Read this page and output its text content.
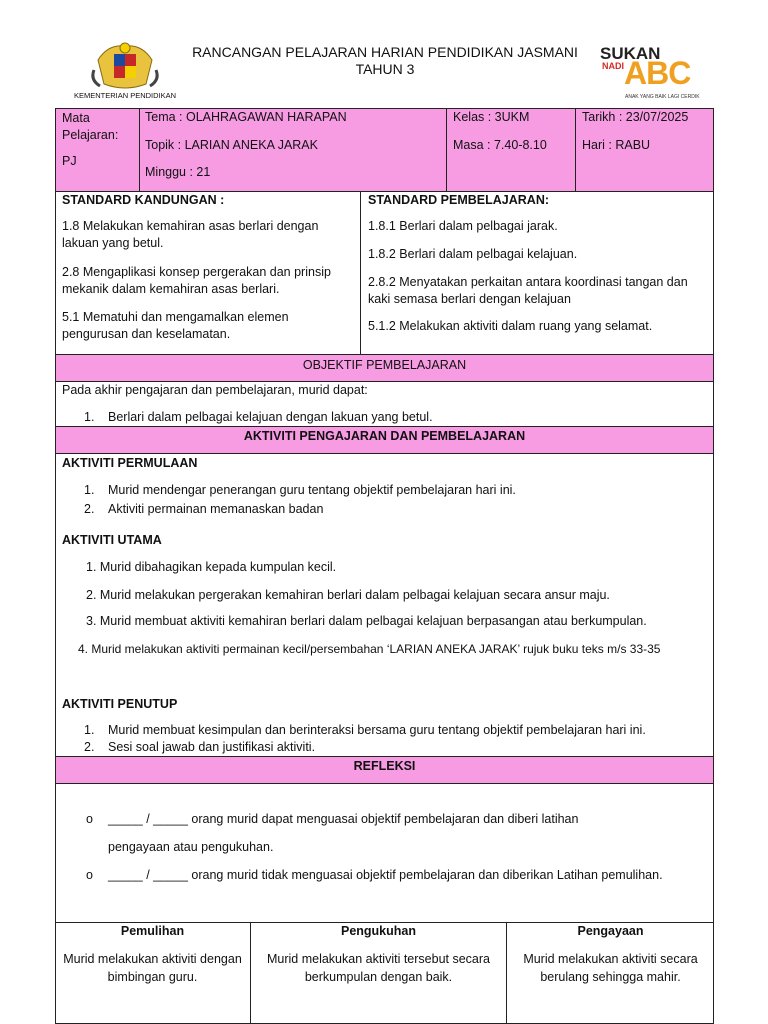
KEMENTERIAN PENDIDIKAN
RANCANGAN PELAJARAN HARIAN PENDIDIKAN JASMANI
TAHUN 3
SUKAN
NADI ABC
ANAK YANG BAIK LAGI CERDIK
Mata Pelajaran:
PJ
Tema : OLAHRAGAWAN HARAPAN
Topik : LARIAN ANEKA JARAK
Minggu : 21
Kelas : 3UKM
Masa : 7.40-8.10
Tarikh : 23/07/2025
Hari : RABU
STANDARD KANDUNGAN :
1.8 Melakukan kemahiran asas berlari dengan lakuan yang betul.
2.8 Mengaplikasi konsep pergerakan dan prinsip mekanik dalam kemahiran asas berlari.
5.1 Mematuhi dan mengamalkan elemen pengurusan dan keselamatan.
STANDARD PEMBELAJARAN:
1.8.1 Berlari dalam pelbagai jarak.
1.8.2 Berlari dalam pelbagai kelajuan.
2.8.2 Menyatakan perkaitan antara koordinasi tangan dan kaki semasa berlari dengan kelajuan
5.1.2 Melakukan aktiviti dalam ruang yang selamat.
OBJEKTIF PEMBELAJARAN
Pada akhir pengajaran dan pembelajaran, murid dapat:
1. Berlari dalam pelbagai kelajuan dengan lakuan yang betul.
AKTIVITI PENGAJARAN DAN PEMBELAJARAN
AKTIVITI PERMULAAN
1. Murid mendengar penerangan guru tentang objektif pembelajaran hari ini.
2. Aktiviti permainan memanaskan badan
AKTIVITI UTAMA
1. Murid dibahagikan kepada kumpulan kecil.
2. Murid melakukan pergerakan kemahiran berlari dalam pelbagai kelajuan secara ansur maju.
3. Murid membuat aktiviti kemahiran berlari dalam pelbagai kelajuan berpasangan atau berkumpulan.
4. Murid melakukan aktiviti permainan kecil/persembahan ‘LARIAN ANEKA JARAK’ rujuk buku teks m/s 33-35
AKTIVITI PENUTUP
1. Murid membuat kesimpulan dan berinteraksi bersama guru tentang objektif pembelajaran hari ini.
2. Sesi soal jawab dan justifikasi aktiviti.
REFLEKSI
o _____ / _____ orang murid dapat menguasai objektif pembelajaran dan diberi latihan
pengayaan atau pengukuhan.
o _____ / _____ orang murid tidak menguasai objektif pembelajaran dan diberikan Latihan pemulihan.
Pemulihan
Murid melakukan aktiviti dengan bimbingan guru.
Pengukuhan
Murid melakukan aktiviti tersebut secara berkumpulan dengan baik.
Pengayaan
Murid melakukan aktiviti secara berulang sehingga mahir.
